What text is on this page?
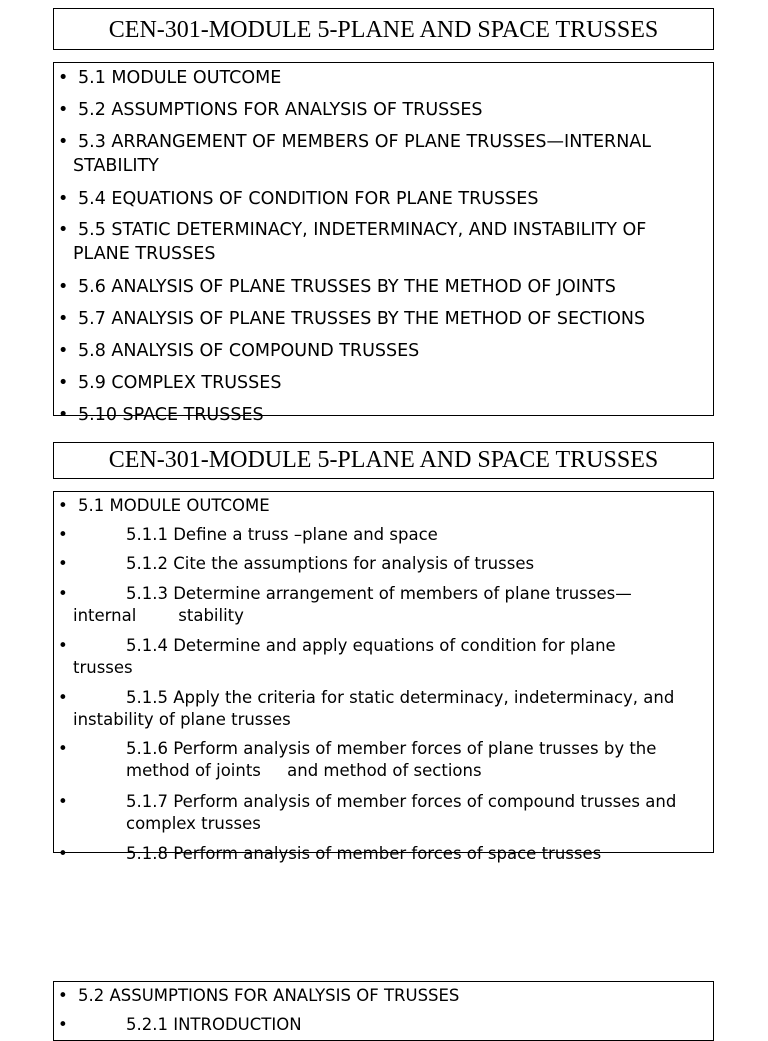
CEN-301-MODULE 5-PLANE AND SPACE TRUSSES
• 5.1 MODULE OUTCOME
• 5.2 ASSUMPTIONS FOR ANALYSIS OF TRUSSES
• 5.3 ARRANGEMENT OF MEMBERS OF PLANE TRUSSES—INTERNAL
STABILITY
• 5.4 EQUATIONS OF CONDITION FOR PLANE TRUSSES
• 5.5 STATIC DETERMINACY, INDETERMINACY, AND INSTABILITY OF
PLANE TRUSSES
• 5.6 ANALYSIS OF PLANE TRUSSES BY THE METHOD OF JOINTS
• 5.7 ANALYSIS OF PLANE TRUSSES BY THE METHOD OF SECTIONS
• 5.8 ANALYSIS OF COMPOUND TRUSSES
• 5.9 COMPLEX TRUSSES
• 5.10 SPACE TRUSSES
CEN-301-MODULE 5-PLANE AND SPACE TRUSSES
• 5.1 MODULE OUTCOME
•	5.1.1 Define a truss –plane and space
•	5.1.2 Cite the assumptions for analysis of trusses
•	5.1.3 Determine arrangement of members of plane trusses—
internal        stability
•	5.1.4 Determine and apply equations of condition for plane
trusses
•	5.1.5 Apply the criteria for static determinacy, indeterminacy, and
instability of plane trusses
•	5.1.6 Perform analysis of member forces of plane trusses by the
method of joints     and method of sections
•	5.1.7 Perform analysis of member forces of compound trusses and
complex trusses
•	5.1.8 Perform analysis of member forces of space trusses
• 5.2 ASSUMPTIONS FOR ANALYSIS OF TRUSSES
•	5.2.1 INTRODUCTION
